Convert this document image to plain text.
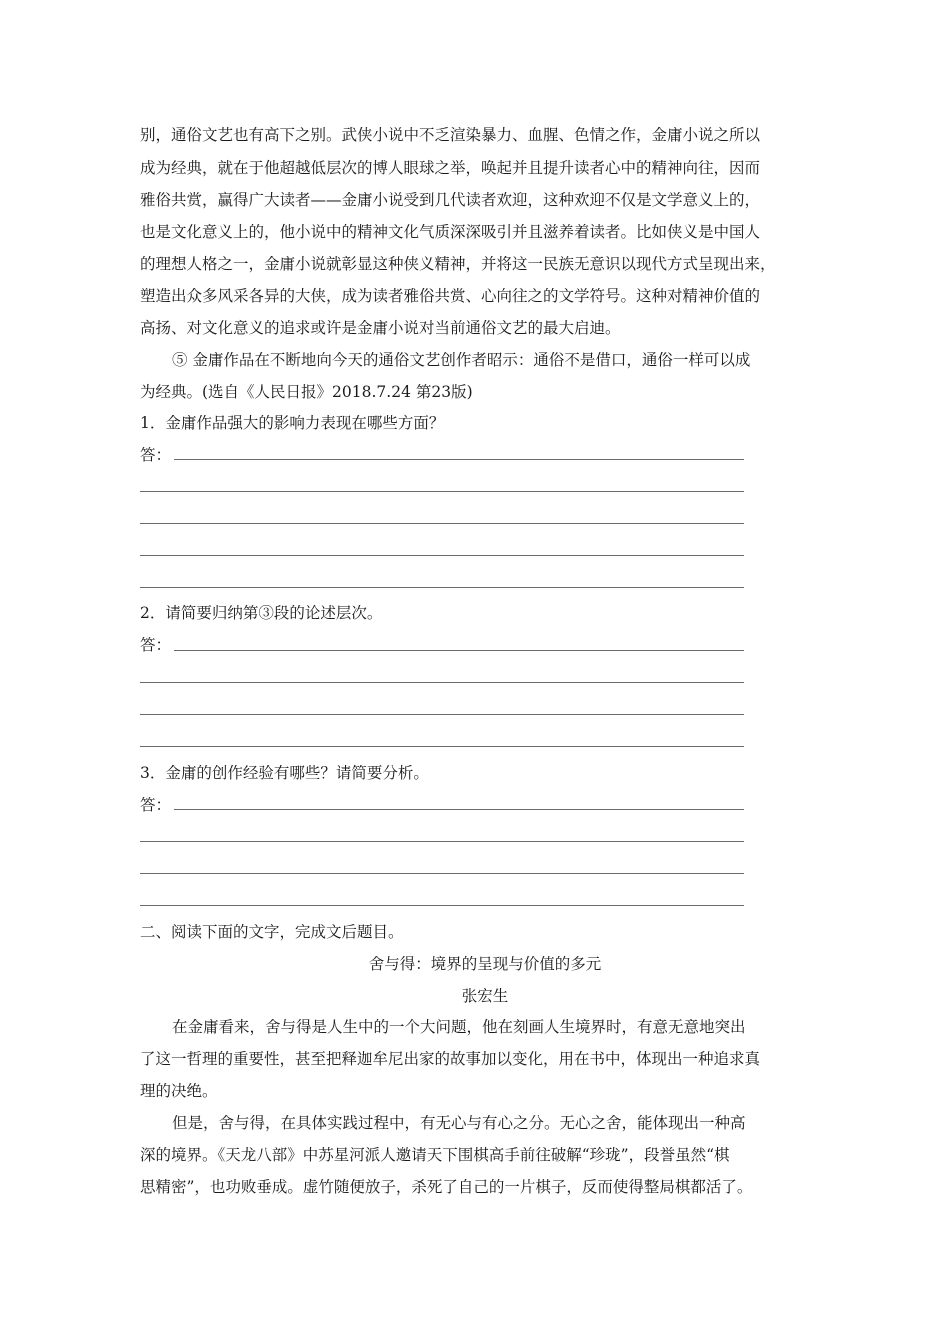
别，通俗文艺也有高下之别。武侠小说中不乏渲染暴力、血腥、色情之作，金庸小说之所以
成为经典，就在于他超越低层次的博人眼球之举，唤起并且提升读者心中的精神向往，因而
雅俗共赏，赢得广大读者——金庸小说受到几代读者欢迎，这种欢迎不仅是文学意义上的，
也是文化意义上的，他小说中的精神文化气质深深吸引并且滋养着读者。比如侠义是中国人
的理想人格之一，金庸小说就彰显这种侠义精神，并将这一民族无意识以现代方式呈现出来，
塑造出众多风采各异的大侠，成为读者雅俗共赏、心向往之的文学符号。这种对精神价值的
高扬、对文化意义的追求或许是金庸小说对当前通俗文艺的最大启迪。
⑤ 金庸作品在不断地向今天的通俗文艺创作者昭示：通俗不是借口，通俗一样可以成
为经典。(选自《人民日报》2018.7.24 第23版)
1．金庸作品强大的影响力表现在哪些方面？
答：
2．请简要归纳第③段的论述层次。
答：
3．金庸的创作经验有哪些？请简要分析。
答：
二、阅读下面的文字，完成文后题目。
舍与得：境界的呈现与价值的多元
张宏生
在金庸看来，舍与得是人生中的一个大问题，他在刻画人生境界时，有意无意地突出
了这一哲理的重要性，甚至把释迦牟尼出家的故事加以变化，用在书中，体现出一种追求真
理的决绝。
但是，舍与得，在具体实践过程中，有无心与有心之分。无心之舍，能体现出一种高
深的境界。《天龙八部》中苏星河派人邀请天下围棋高手前往破解“珍珑”，段誉虽然“棋
思精密”，也功败垂成。虚竹随便放子，杀死了自己的一片棋子，反而使得整局棋都活了。
